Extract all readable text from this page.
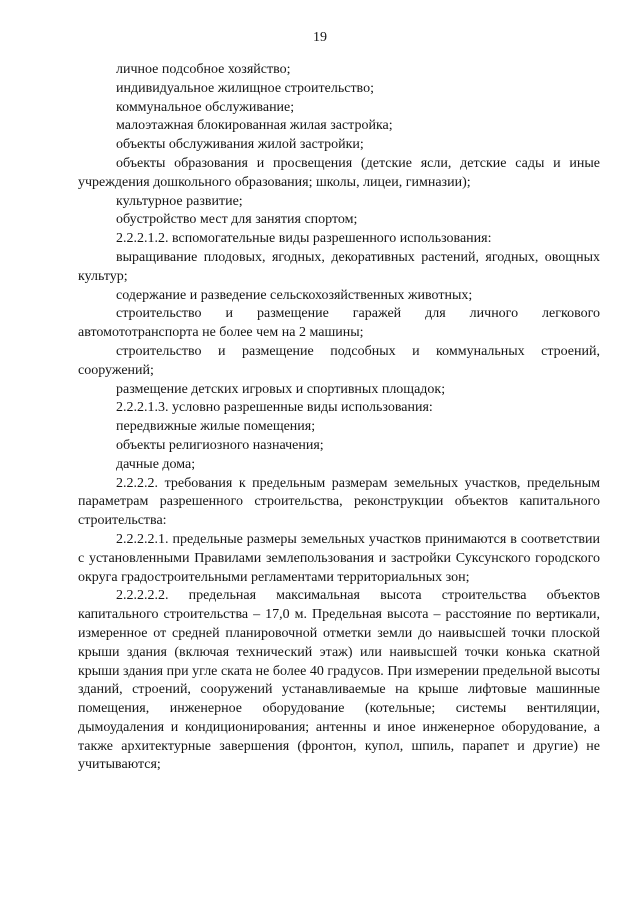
19

личное подсобное хозяйство;

индивидуальное жилищное строительство;

коммунальное обслуживание;

малоэтажная блокированная жилая застройка;

объекты обслуживания жилой застройки;

объекты образования и просвещения (детские ясли, детские сады и иные учреждения дошкольного образования; школы, лицеи, гимназии);

культурное развитие;

обустройство мест для занятия спортом;

2.2.2.1.2. вспомогательные виды разрешенного использования:

выращивание плодовых, ягодных, декоративных растений, ягодных, овощных культур;

содержание и разведение сельскохозяйственных животных;

строительство и размещение гаражей для личного легкового автомототранспорта не более чем на 2 машины;

строительство и размещение подсобных и коммунальных строений, сооружений;

размещение детских игровых и спортивных площадок;

2.2.2.1.3. условно разрешенные виды использования:

передвижные жилые помещения;

объекты религиозного назначения;

дачные дома;

2.2.2.2. требования к предельным размерам земельных участков, предельным параметрам разрешенного строительства, реконструкции объектов капитального строительства:

2.2.2.2.1. предельные размеры земельных участков принимаются в соответствии с установленными Правилами землепользования и застройки Суксунского городского округа градостроительными регламентами территориальных зон;

2.2.2.2.2. предельная максимальная высота строительства объектов капитального строительства – 17,0 м. Предельная высота – расстояние по вертикали, измеренное от средней планировочной отметки земли до наивысшей точки плоской крыши здания (включая технический этаж) или наивысшей точки конька скатной крыши здания при угле ската не более 40 градусов. При измерении предельной высоты зданий, строений, сооружений устанавливаемые на крыше лифтовые машинные помещения, инженерное оборудование (котельные; системы вентиляции, дымоудаления и кондиционирования; антенны и иное инженерное оборудование, а также архитектурные завершения (фронтон, купол, шпиль, парапет и другие) не учитываются;
